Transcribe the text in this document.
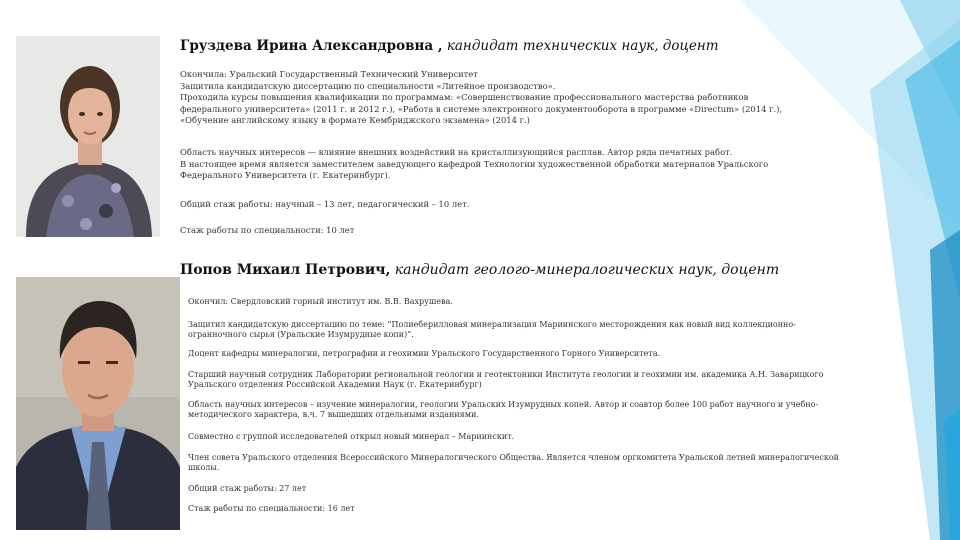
Груздева Ирина Александровна , кандидат технических наук, доцент

Окончила: Уральский Государственный Технический Университет

Защитила кандидатскую диссертацию по специальности «Литейное производство».

Проходила курсы повышения квалификации по программам: «Совершенствование профессионального мастерства работников

федерального университета» (2011 г. и 2012 г.), «Работа в системе электронного документооборота в программе «Directum» (2014 г.),

«Обучение английскому языку в формате Кембриджского экзамена» (2014 г.)

Область научных интересов — влияние внешних воздействий на кристаллизующийся расплав. Автор ряда печатных работ.

В настоящее время является заместителем заведующего кафедрой Технологии художественной обработки материалов Уральского

Федерального Университета (г. Екатеринбург).

Общий стаж работы: научный – 13 лет, педагогический – 10 лет.

Стаж работы по специальности: 10 лет

Попов Михаил Петрович, кандидат геолого-минералогических наук, доцент

Окончил: Свердловский горный институт им. В.В. Вахрушева.

Защитил кандидатскую диссертацию по теме: “Полиеберилловая минерализация Мариинского месторождения как новый вид коллекционно-

огранночного сырья (Уральские Изумрудные копи)”.

Доцент кафедры минералогии, петрографии и геохимии Уральского Государственного Горного Университета.

Старший научный сотрудник Лаборатории региональной геологии и геотектоники Института геологии и геохимии им. академика А.Н. Заварицкого

Уральского отделения Российской Академии Наук (г. Екатеринбург)

Область научных интересов – изучение минералогии, геологии Уральских Изумрудных копей. Автор и соавтор более 100 работ научного и учебно-

методического характера, в.ч. 7 вышедших отдельными изданиями.

Совместно с группой исследователей открыл новый минерал – Мариинскит.

Член совета Уральского отделения Всероссийского Минералогического Общества. Является членом оргкомитета Уральской летней минералогической

школы.

Общий стаж работы: 27 лет

Стаж работы по специальности: 16 лет
